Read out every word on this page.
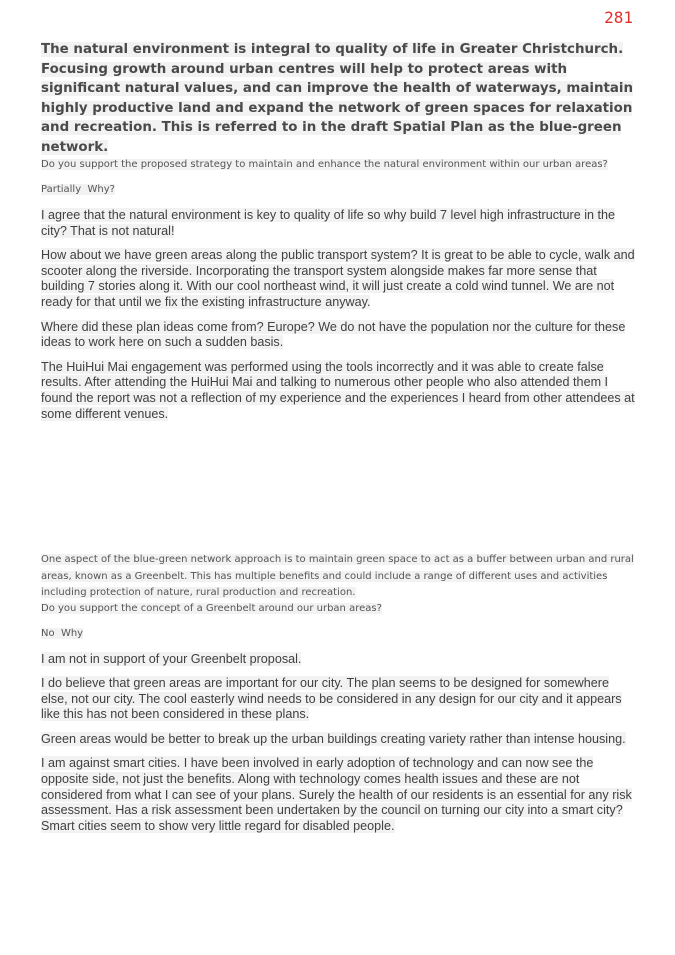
281

The natural environment is integral to quality of life in Greater Christchurch. Focusing growth around urban centres will help to protect areas with significant natural values, and can improve the health of waterways, maintain highly productive land and expand the network of green spaces for relaxation and recreation. This is referred to in the draft Spatial Plan as the blue-green network.

Do you support the proposed strategy to maintain and enhance the natural environment within our urban areas?

Partially  Why?

I agree that the natural environment is key to quality of life so why build 7 level high infrastructure in the city? That is not natural!

How about we have green areas along the public transport system? It is great to be able to cycle, walk and scooter along the riverside. Incorporating the transport system alongside makes far more sense that building 7 stories along it. With our cool northeast wind, it will just create a cold wind tunnel. We are not ready for that until we fix the existing infrastructure anyway.

Where did these plan ideas come from? Europe? We do not have the population nor the culture for these ideas to work here on such a sudden basis.

The HuiHui Mai engagement was performed using the tools incorrectly and it was able to create false results. After attending the HuiHui Mai and talking to numerous other people who also attended them I found the report was not a reflection of my experience and the experiences I heard from other attendees at some different venues.

One aspect of the blue-green network approach is to maintain green space to act as a buffer between urban and rural areas, known as a Greenbelt. This has multiple benefits and could include a range of different uses and activities including protection of nature, rural production and recreation.

Do you support the concept of a Greenbelt around our urban areas?

No  Why

I am not in support of your Greenbelt proposal.

I do believe that green areas are important for our city. The plan seems to be designed for somewhere else, not our city. The cool easterly wind needs to be considered in any design for our city and it appears like this has not been considered in these plans.

Green areas would be better to break up the urban buildings creating variety rather than intense housing.

I am against smart cities. I have been involved in early adoption of technology and can now see the opposite side, not just the benefits. Along with technology comes health issues and these are not considered from what I can see of your plans. Surely the health of our residents is an essential for any risk assessment. Has a risk assessment been undertaken by the council on turning our city into a smart city? Smart cities seem to show very little regard for disabled people.
